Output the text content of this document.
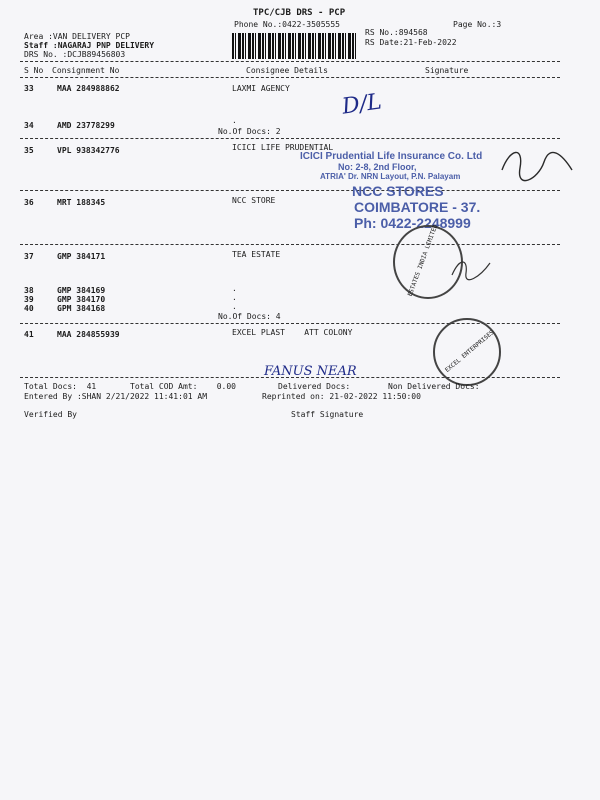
TPC/CJB DRS - PCP
Phone No.:0422-3505555	Page No.:3
RS No.:894568
RS Date:21-Feb-2022
Area :VAN DELIVERY PCP
Staff :NAGARAJ PNP DELIVERY
DRS No. :DCJB89456803
S No Consignment No	Consignee Details	Signature
33	MAA 284988862	LAXMI AGENCY
34	AMD 23778299
.
No.Of Docs: 2
35	VPL 938342776	ICICI LIFE PRUDENTIAL
36	MRT 188345	NCC STORE
37	GMP 384171	TEA ESTATE
38	GMP 384169	.
39	GMP 384170	.
40	GPM 384168	.
No.Of Docs: 4
41	MAA 284855939	EXCEL PLAST    ATT COLONY
ICICI Prudential Life Insurance Co. Ltd
No: 2-8, 2nd Floor,
ATRIA' Dr. NRN Layout, P.N. Palayam
NCC STORES
COIMBATORE - 37.
Ph: 0422-2248999
ESTATES INDIA LIMITED
EXCEL ENTERPRISES
D/L
FANUS NEAR
Total Docs:  41	Total COD Amt:    0.00	Delivered Docs:	Non Delivered Docs:
Entered By :SHAN 2/21/2022 11:41:01 AM	Reprinted on: 21-02-2022 11:50:00
Verified By	Staff Signature
